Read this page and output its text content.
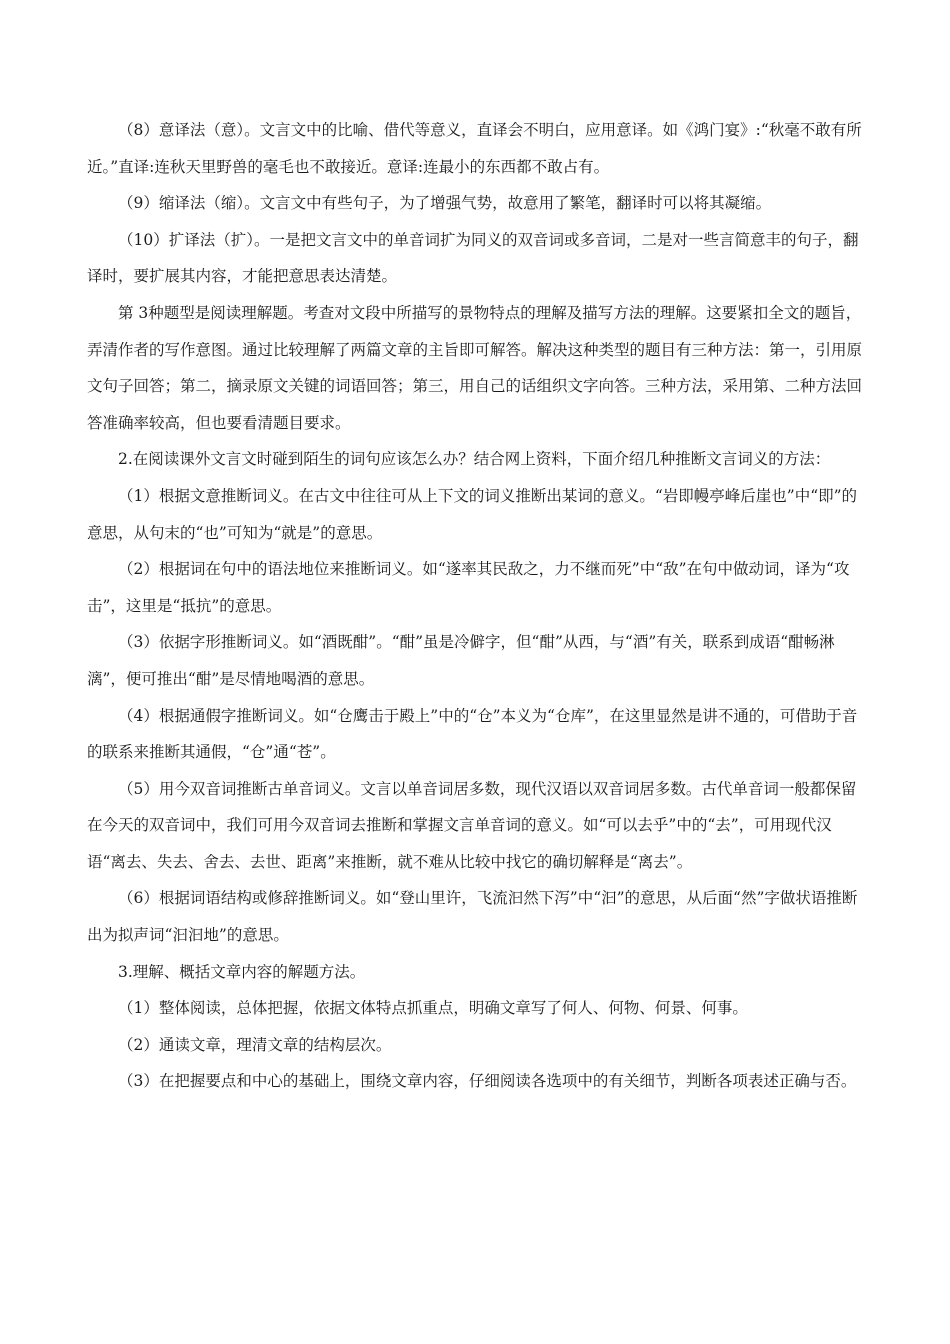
（8）意译法（意）。文言文中的比喻、借代等意义，直译会不明白，应用意译。如《鸿门宴》:“秋毫不敢有所近。”直译:连秋天里野兽的毫毛也不敢接近。意译:连最小的东西都不敢占有。

（9）缩译法（缩）。文言文中有些句子，为了增强气势，故意用了繁笔，翻译时可以将其凝缩。

（10）扩译法（扩）。一是把文言文中的单音词扩为同义的双音词或多音词，二是对一些言简意丰的句子，翻译时，要扩展其内容，才能把意思表达清楚。

第 3种题型是阅读理解题。考查对文段中所描写的景物特点的理解及描写方法的理解。这要紧扣全文的题旨，弄清作者的写作意图。通过比较理解了两篇文章的主旨即可解答。解决这种类型的题目有三种方法：第一，引用原文句子回答；第二，摘录原文关键的词语回答；第三，用自己的话组织文字向答。三种方法，采用第、二种方法回答准确率较高，但也要看清题目要求。

2.在阅读课外文言文时碰到陌生的词句应该怎么办？结合网上资料，下面介绍几种推断文言词义的方法：

（1）根据文意推断词义。在古文中往往可从上下文的词义推断出某词的意义。“岩即幔亭峰后崖也”中“即”的意思，从句末的“也”可知为“就是”的意思。

（2）根据词在句中的语法地位来推断词义。如“遂率其民敌之，力不继而死”中“敌”在句中做动词，译为“攻击”，这里是“抵抗”的意思。

（3）依据字形推断词义。如“酒既酣”。“酣”虽是冷僻字，但“酣”从西，与“酒”有关，联系到成语“酣畅淋漓”，便可推出“酣”是尽情地喝酒的意思。

（4）根据通假字推断词义。如“仓鹰击于殿上”中的“仓”本义为“仓库”，在这里显然是讲不通的，可借助于音的联系来推断其通假，“仓”通“苍”。

（5）用今双音词推断古单音词义。文言以单音词居多数，现代汉语以双音词居多数。古代单音词一般都保留在今天的双音词中，我们可用今双音词去推断和掌握文言单音词的意义。如“可以去乎”中的“去”，可用现代汉语“离去、失去、舍去、去世、距离”来推断，就不难从比较中找它的确切解释是“离去”。

（6）根据词语结构或修辞推断词义。如“登山里许，飞流汩然下泻”中“汩”的意思，从后面“然”字做状语推断出为拟声词“汩汩地”的意思。

3.理解、概括文章内容的解题方法。

（1）整体阅读，总体把握，依据文体特点抓重点，明确文章写了何人、何物、何景、何事。

（2）通读文章，理清文章的结构层次。

（3）在把握要点和中心的基础上，围绕文章内容，仔细阅读各选项中的有关细节，判断各项表述正确与否。
